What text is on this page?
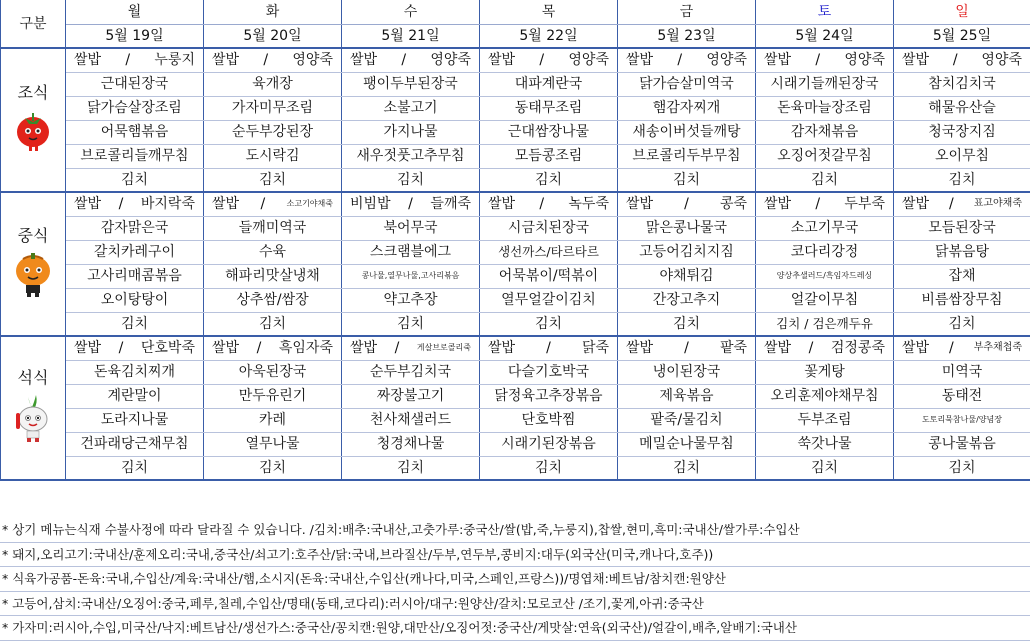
구분	월	화	수	목	금	토	일
	5월 19일	5월 20일	5월 21일	5월 22일	5월 23일	5월 24일	5월 25일

조식	쌀밥 / 누룽지	쌀밥 / 영양죽	쌀밥 / 영양죽	쌀밥 / 영양죽	쌀밥 / 영양죽	쌀밥 / 영양죽	쌀밥 / 영양죽

	근대된장국	육개장	팽이두부된장국	대파계란국	닭가슴살미역국	시래기들깨된장국	참치김치국
	닭가슴살장조림	가자미무조림	소불고기	동태무조림	햄감자찌개	돈육마늘장조림	해물유산슬
	어묵햄볶음	순두부강된장	가지나물	근대쌈장나물	새송이버섯들깨탕	감자채볶음	청국장지짐
	브로콜리들깨무침	도시락김	새우젓풋고추무침	모듬콩조림	브로콜리두부무침	오징어젓갈무침	오이무침
	김치	김치	김치	김치	김치	김치	김치

중식	쌀밥 / 바지락죽	쌀밥 / 소고기야채죽	비빔밥 / 들깨죽	쌀밥 / 녹두죽	쌀밥 / 콩죽	쌀밥 / 두부죽	쌀밥 / 표고야채죽

	감자맑은국	들깨미역국	북어무국	시금치된장국	맑은콩나물국	소고기무국	모듬된장국
	갈치카레구이	수육	스크램블에그	생선까스/타르타르	고등어김치지짐	코다리강정	닭볶음탕
	고사리매콤볶음	해파리맛살냉채	콩나물,열무나물,고사리볶음	어묵볶이/떡볶이	야채튀김	양상추샐러드/흑임자드레싱	잡채
	오이탕탕이	상추쌈/쌈장	약고추장	열무얼갈이김치	간장고추지	얼갈이무침	비름쌈장무침
	김치	김치	김치	김치	김치	김치 / 검은깨두유	김치

석식	쌀밥 / 단호박죽	쌀밥 / 흑임자죽	쌀밥 / 게살브로콜리죽	쌀밥 / 닭죽	쌀밥 / 팥죽	쌀밥 / 검정콩죽	쌀밥 / 부추채첩죽

	돈육김치찌개	아욱된장국	순두부김치국	다슬기호박국	냉이된장국	꽃게탕	미역국
	계란말이	만두유린기	짜장불고기	닭정육고추장볶음	제육볶음	오리훈제야채무침	동태전
	도라지나물	카레	천사채샐러드	단호박찜	팥죽/물김치	두부조림	도토리묵참나물/양념장
	건파래당근채무침	열무나물	청경채나물	시래기된장볶음	메밀순나물무침	쑥갓나물	콩나물볶음
	김치	김치	김치	김치	김치	김치	김치
* 상기 메뉴는식재 수불사정에 따라 달라질 수 있습니다. /김치:배추:국내산,고춧가루:중국산/쌀(밥,죽,누룽지),찹쌀,현미,흑미:국내산/쌀가루:수입산
* 돼지,오리고기:국내산/훈제오리:국내,중국산/쇠고기:호주산/닭:국내,브라질산/두부,연두부,콩비지:대두(외국산(미국,캐나다,호주))
* 식육가공품-돈육:국내,수입산/계육:국내산/햄,소시지(돈육:국내산,수입산(캐나다,미국,스페인,프랑스))/명엽채:베트남/참치캔:원양산
* 고등어,삼치:국내산/오징어:중국,페루,칠레,수입산/명태(동태,코다리):러시아/대구:원양산/갈치:모로코산 /조기,꽃게,아귀:중국산
* 가자미:러시아,수입,미국산/낙지:베트남산/생선가스:중국산/꽁치캔:원양,대만산/오징어젓:중국산/게맛살:연육(외국산)/얼갈이,배추,알배기:국내산
